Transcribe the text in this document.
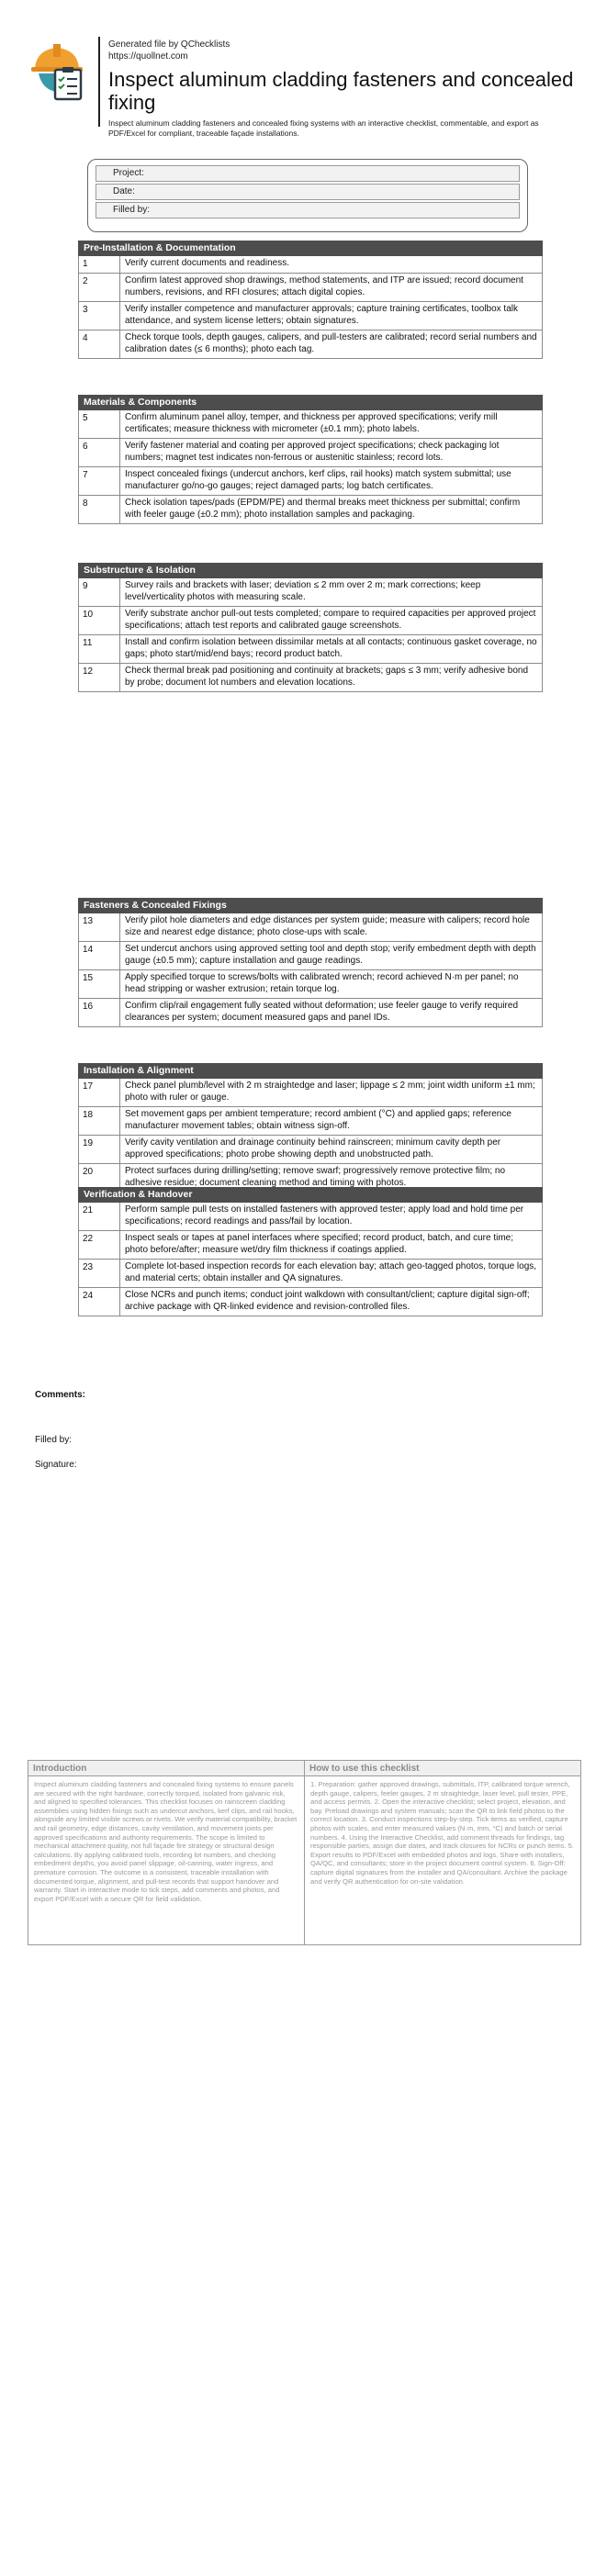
Generated file by QChecklists
https://quollnet.com
Inspect aluminum cladding fasteners and concealed fixing
Inspect aluminum cladding fasteners and concealed fixing systems with an interactive checklist, commentable, and export as PDF/Excel for compliant, traceable façade installations.
Project:
Date:
Filled by:
Pre-Installation & Documentation
1	Verify current documents and readiness.
2	Confirm latest approved shop drawings, method statements, and ITP are issued; record document numbers, revisions, and RFI closures; attach digital copies.
3	Verify installer competence and manufacturer approvals; capture training certificates, toolbox talk attendance, and system license letters; obtain signatures.
4	Check torque tools, depth gauges, calipers, and pull-testers are calibrated; record serial numbers and calibration dates (≤ 6 months); photo each tag.
Materials & Components
5	Confirm aluminum panel alloy, temper, and thickness per approved specifications; verify mill certificates; measure thickness with micrometer (±0.1 mm); photo labels.
6	Verify fastener material and coating per approved project specifications; check packaging lot numbers; magnet test indicates non-ferrous or austenitic stainless; record lots.
7	Inspect concealed fixings (undercut anchors, kerf clips, rail hooks) match system submittal; use manufacturer go/no-go gauges; reject damaged parts; log batch certificates.
8	Check isolation tapes/pads (EPDM/PE) and thermal breaks meet thickness per submittal; confirm with feeler gauge (±0.2 mm); photo installation samples and packaging.
Substructure & Isolation
9	Survey rails and brackets with laser; deviation ≤ 2 mm over 2 m; mark corrections; keep level/verticality photos with measuring scale.
10	Verify substrate anchor pull-out tests completed; compare to required capacities per approved project specifications; attach test reports and calibrated gauge screenshots.
11	Install and confirm isolation between dissimilar metals at all contacts; continuous gasket coverage, no gaps; photo start/mid/end bays; record product batch.
12	Check thermal break pad positioning and continuity at brackets; gaps ≤ 3 mm; verify adhesive bond by probe; document lot numbers and elevation locations.
Fasteners & Concealed Fixings
13	Verify pilot hole diameters and edge distances per system guide; measure with calipers; record hole size and nearest edge distance; photo close-ups with scale.
14	Set undercut anchors using approved setting tool and depth stop; verify embedment depth with depth gauge (±0.5 mm); capture installation and gauge readings.
15	Apply specified torque to screws/bolts with calibrated wrench; record achieved N·m per panel; no head stripping or washer extrusion; retain torque log.
16	Confirm clip/rail engagement fully seated without deformation; use feeler gauge to verify required clearances per system; document measured gaps and panel IDs.
Installation & Alignment
17	Check panel plumb/level with 2 m straightedge and laser; lippage ≤ 2 mm; joint width uniform ±1 mm; photo with ruler or gauge.
18	Set movement gaps per ambient temperature; record ambient (°C) and applied gaps; reference manufacturer movement tables; obtain witness sign-off.
19	Verify cavity ventilation and drainage continuity behind rainscreen; minimum cavity depth per approved specifications; photo probe showing depth and unobstructed path.
20	Protect surfaces during drilling/setting; remove swarf; progressively remove protective film; no adhesive residue; document cleaning method and timing with photos.
Verification & Handover
21	Perform sample pull tests on installed fasteners with approved tester; apply load and hold time per specifications; record readings and pass/fail by location.
22	Inspect seals or tapes at panel interfaces where specified; record product, batch, and cure time; photo before/after; measure wet/dry film thickness if coatings applied.
23	Complete lot-based inspection records for each elevation bay; attach geo-tagged photos, torque logs, and material certs; obtain installer and QA signatures.
24	Close NCRs and punch items; conduct joint walkdown with consultant/client; capture digital sign-off; archive package with QR-linked evidence and revision-controlled files.
Comments:
Filled by:
Signature:
Introduction
Inspect aluminum cladding fasteners and concealed fixing systems to ensure panels are secured with the right hardware, correctly torqued, isolated from galvanic risk, and aligned to specified tolerances. This checklist focuses on rainscreen cladding assemblies using hidden fixings such as undercut anchors, kerf clips, and rail hooks, alongside any limited visible screws or rivets. We verify material compatibility, bracket and rail geometry, edge distances, cavity ventilation, and movement joints per approved specifications and authority requirements. The scope is limited to mechanical attachment quality, not full façade fire strategy or structural design calculations. By applying calibrated tools, recording lot numbers, and checking embedment depths, you avoid panel slippage, oil-canning, water ingress, and premature corrosion. The outcome is a consistent, traceable installation with documented torque, alignment, and pull-test records that support handover and warranty. Start in interactive mode to tick steps, add comments and photos, and export PDF/Excel with a secure QR for field validation.
How to use this checklist
1. Preparation: gather approved drawings, submittals, ITP, calibrated torque wrench, depth gauge, calipers, feeler gauges, 2 m straightedge, laser level, pull tester, PPE, and access permits. 2. Open the interactive checklist; select project, elevation, and bay. Preload drawings and system manuals; scan the QR to link field photos to the correct location. 3. Conduct inspections step-by-step. Tick items as verified, capture photos with scales, and enter measured values (N·m, mm, °C) and batch or serial numbers. 4. Using the Interactive Checklist, add comment threads for findings, tag responsible parties, assign due dates, and track closures for NCRs or punch items. 5. Export results to PDF/Excel with embedded photos and logs. Share with installers, QA/QC, and consultants; store in the project document control system. 6. Sign-Off: capture digital signatures from the installer and QA/consultant. Archive the package and verify QR authentication for on-site validation.
